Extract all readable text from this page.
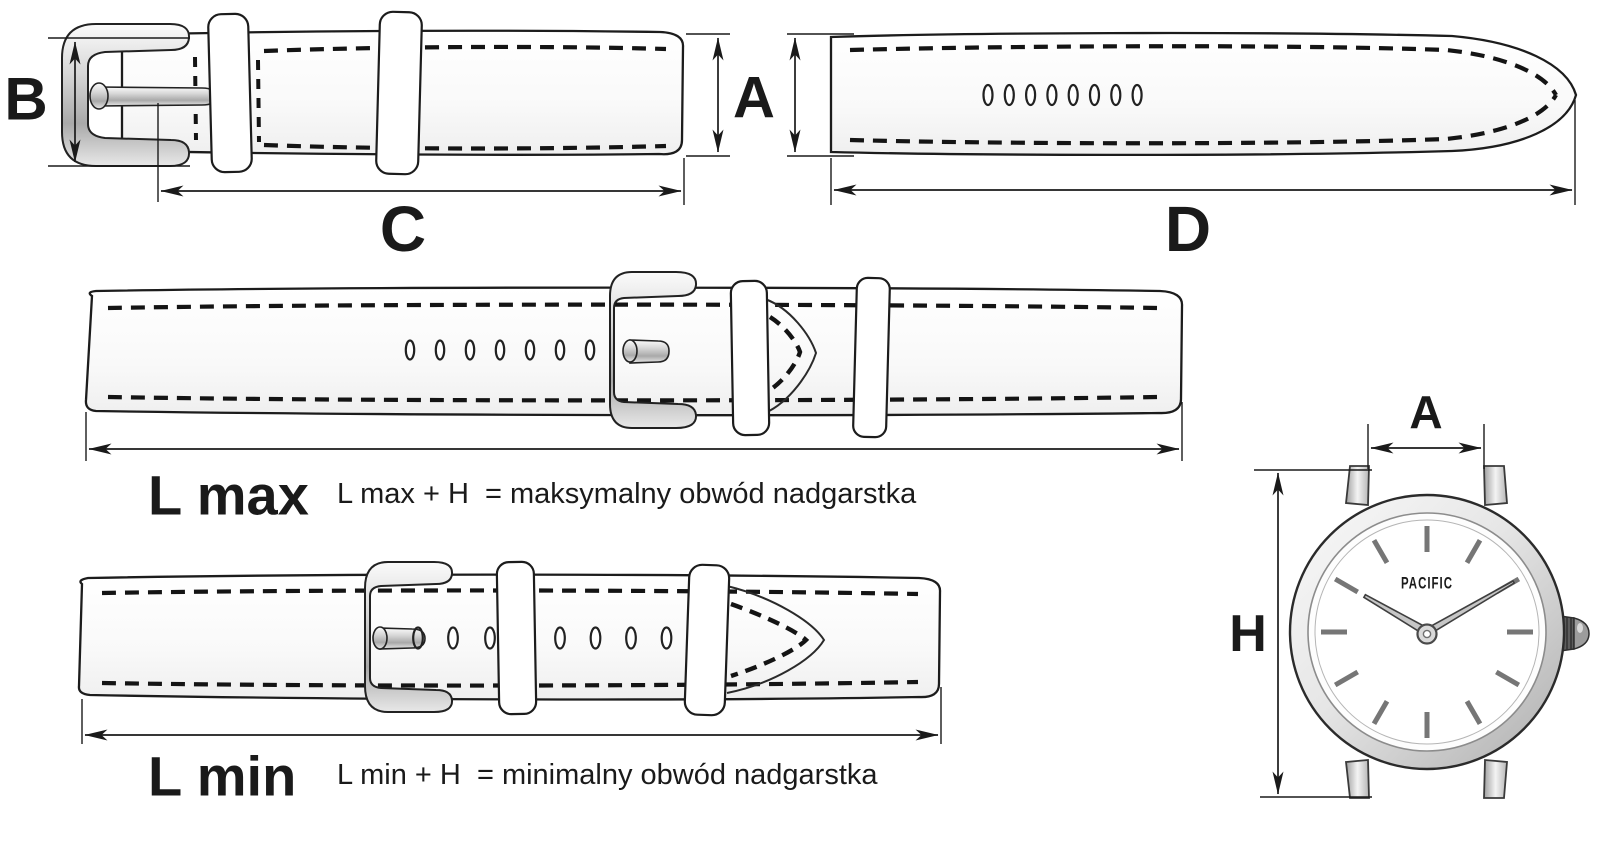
PACIFIC
B	A
C	D
L max L max + H  = maksymalny obwód nadgarstka
L min L min + H  = minimalny obwód nadgarstka
A
H
